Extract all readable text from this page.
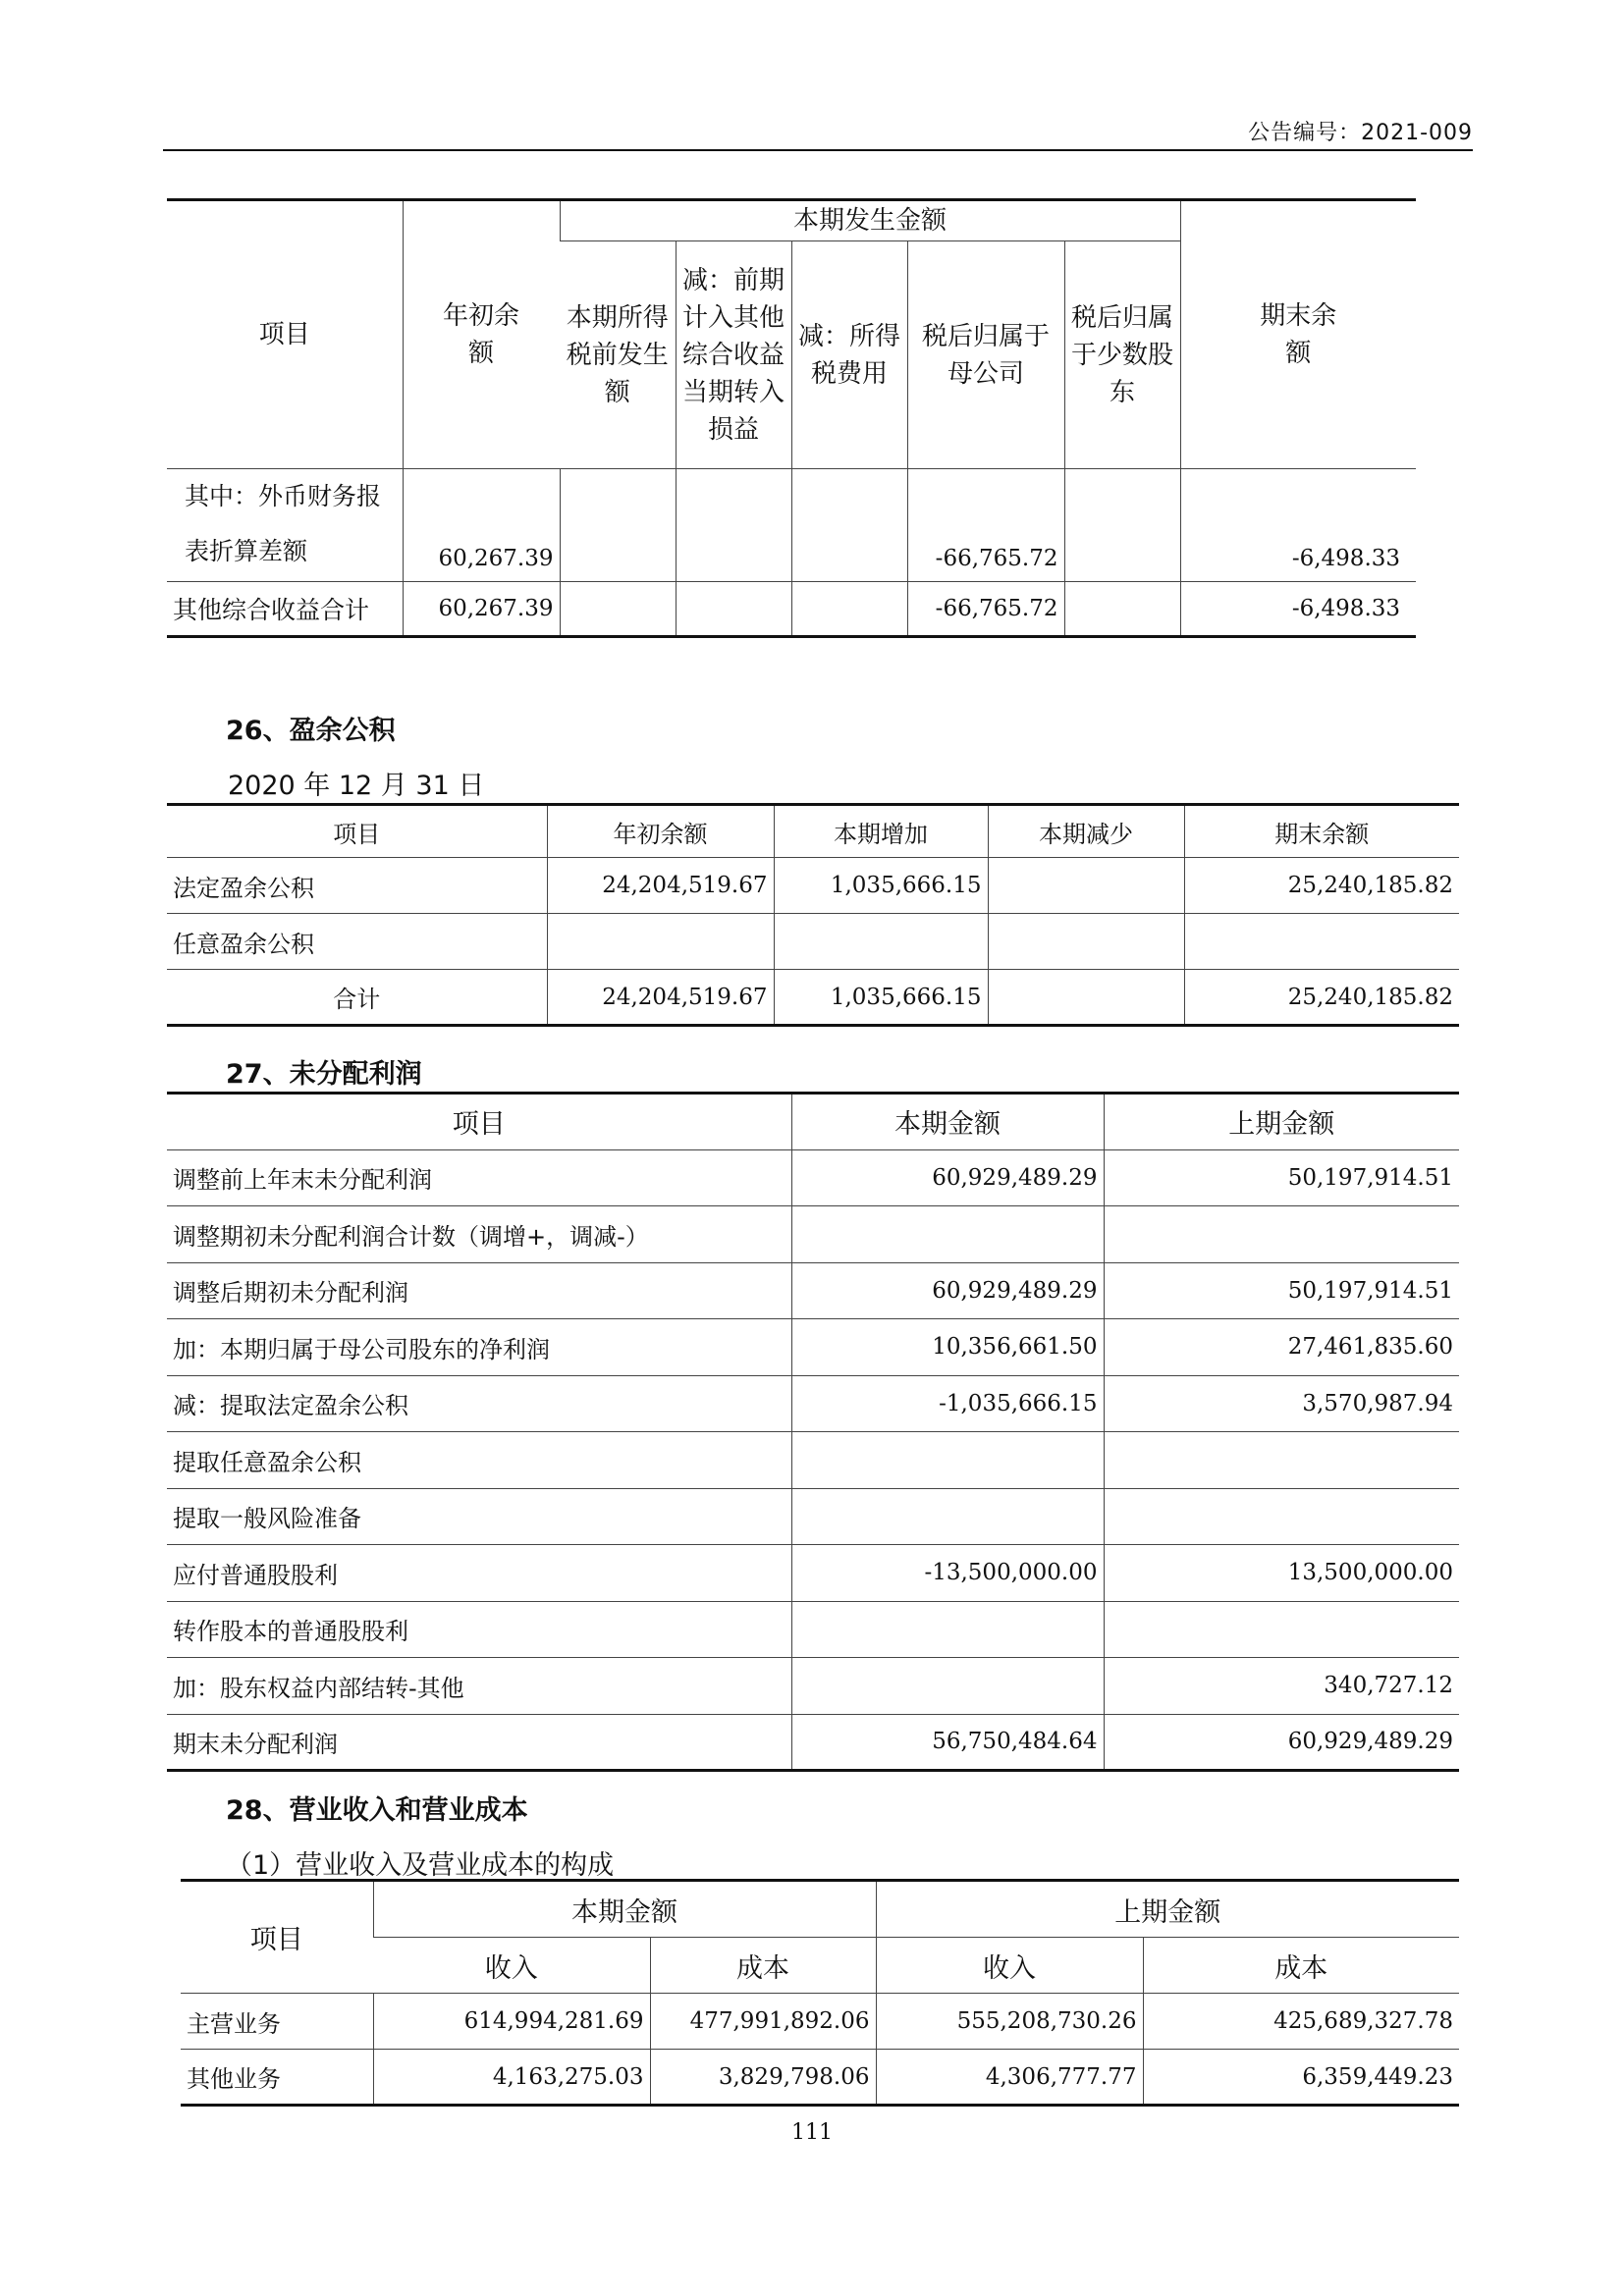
公告编号：2021-009
项目	年初余额	本期发生金额					期末余额
		本期所得税前发生额	减：前期计入其他综合收益当期转入损益	减：所得税费用	税后归属于母公司	税后归属于少数股东	

其中：外币财务报
表折算差额	60,267.39				-66,765.72		-6,498.33
其他综合收益合计	60,267.39				-66,765.72		-6,498.33
26、盈余公积
2020 年 12 月 31 日
项目	年初余额	本期增加	本期减少	期末余额
法定盈余公积	24,204,519.67	1,035,666.15		25,240,185.82
任意盈余公积				
合计	24,204,519.67	1,035,666.15		25,240,185.82
27、未分配利润
项目	本期金额	上期金额
调整前上年末未分配利润	60,929,489.29	50,197,914.51
调整期初未分配利润合计数（调增+，调减-）		
调整后期初未分配利润	60,929,489.29	50,197,914.51
加：本期归属于母公司股东的净利润	10,356,661.50	27,461,835.60
减：提取法定盈余公积	-1,035,666.15	3,570,987.94
提取任意盈余公积		
提取一般风险准备		
应付普通股股利	-13,500,000.00	13,500,000.00
转作股本的普通股股利		
加：股东权益内部结转-其他		340,727.12
期末未分配利润	56,750,484.64	60,929,489.29
28、营业收入和营业成本
（1）营业收入及营业成本的构成
项目	本期金额		上期金额	
	收入	成本	收入	成本
主营业务	614,994,281.69	477,991,892.06	555,208,730.26	425,689,327.78
其他业务	4,163,275.03	3,829,798.06	4,306,777.77	6,359,449.23
111
